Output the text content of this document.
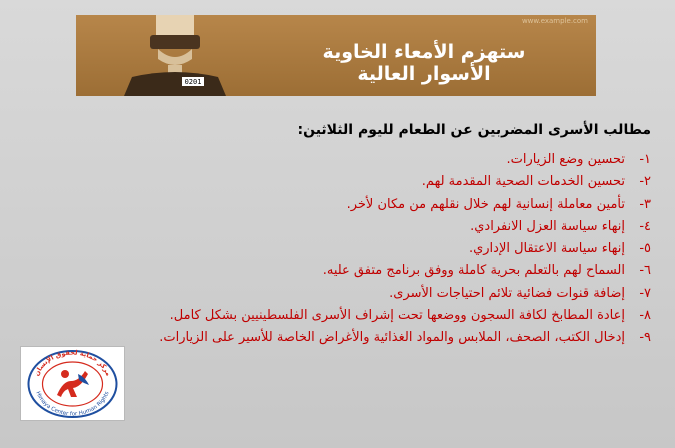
0201
www.example.com
ستهزم الأمعاء الخاوية
الأسوار العالية
مطالب الأسرى المضربين عن الطعام لليوم الثلاثين:
١-
تحسين وضع الزيارات.
٢-
تحسين الخدمات الصحية المقدمة لهم.
٣-
تأمين معاملة إنسانية لهم خلال نقلهم من مكان لأخر.
٤-
إنهاء سياسة العزل الانفرادي.
٥-
إنهاء سياسة الاعتقال الإداري.
٦-
السماح لهم بالتعلم بحرية كاملة ووفق برنامج متفق عليه.
٧-
إضافة قنوات فضائية تلائم احتياجات الأسرى.
٨-
إعادة المطابخ لكافة السجون ووضعها تحت إشراف الأسرى الفلسطينيين بشكل كامل.
٩-
إدخال الكتب، الصحف، الملابس والمواد الغذائية والأغراض الخاصة للأسير على الزيارات.
مركز حماية لحقوق الإنسان
Himaya Center for Human Rights
